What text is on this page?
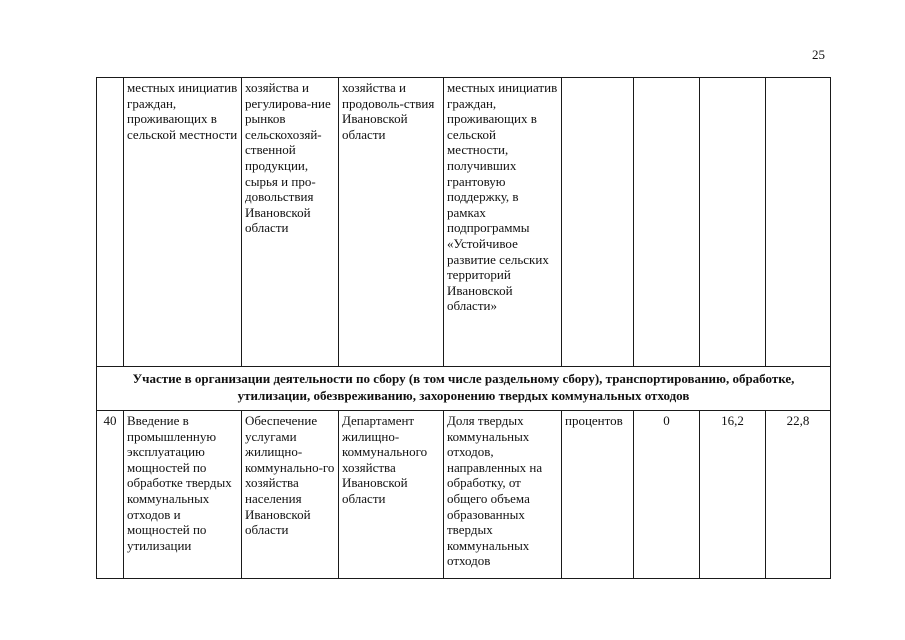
25
	местных инициатив граждан, проживающих в сельской местности	хозяйства и регулирова-ние рынков сельскохозяй-ственной продукции, сырья и про-довольствия Ивановской области	хозяйства и продоволь-ствия Ивановской области	местных инициатив граждан, проживающих в сельской местности, получивших грантовую поддержку, в рамках подпрограммы «Устойчивое развитие сельских территорий Ивановской области»				
Участие в организации деятельности по сбору (в том числе раздельному сбору), транспортированию, обработке, утилизации, обезвреживанию, захоронению твердых коммунальных отходов								
40	Введение в промышленную эксплуатацию мощностей по обработке твердых коммунальных отходов и мощностей по утилизации	Обеспечение услугами жилищно-коммунально-го хозяйства населения Ивановской области	Департамент жилищно-коммунального хозяйства Ивановской области	Доля твердых коммунальных отходов, направленных на обработку, от общего объема образованных твердых коммунальных отходов	процентов	0	16,2	22,8
